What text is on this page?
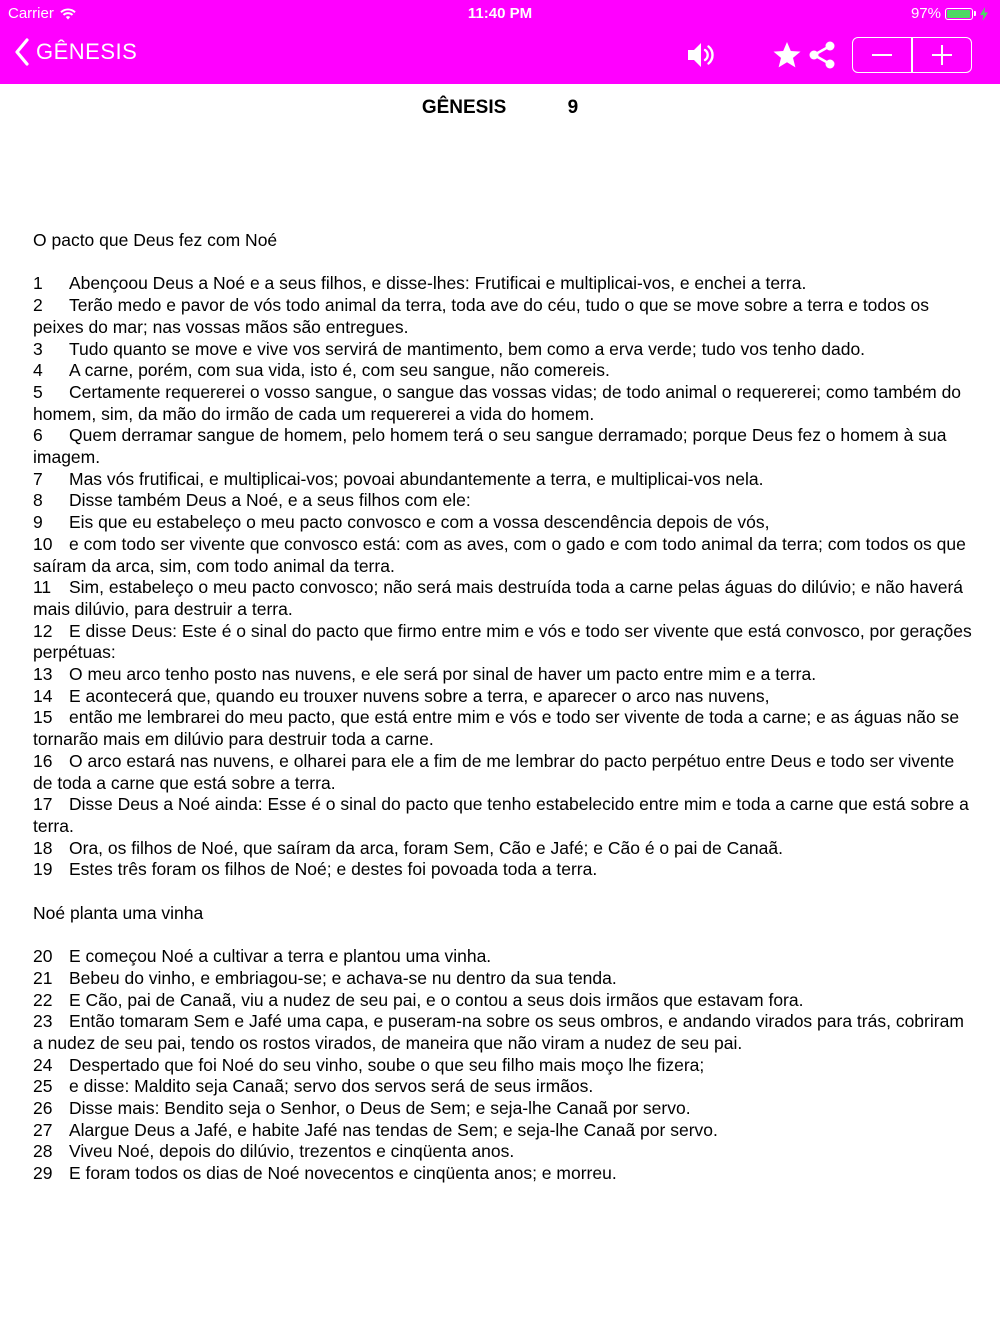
Carrier	11:40 PM	97%
GÊNESIS
GÊNESIS	9

O pacto que Deus fez com Noé

1 Abençoou Deus a Noé e a seus filhos, e disse-lhes: Frutificai e multiplicai-vos, e enchei a terra.

2 Terão medo e pavor de vós todo animal da terra, toda ave do céu, tudo o que se move sobre a terra e todos os peixes do mar; nas vossas mãos são entregues.

3 Tudo quanto se move e vive vos servirá de mantimento, bem como a erva verde; tudo vos tenho dado.

4 A carne, porém, com sua vida, isto é, com seu sangue, não comereis.

5 Certamente requererei o vosso sangue, o sangue das vossas vidas; de todo animal o requererei; como também do homem, sim, da mão do irmão de cada um requererei a vida do homem.

6 Quem derramar sangue de homem, pelo homem terá o seu sangue derramado; porque Deus fez o homem à sua imagem.

7 Mas vós frutificai, e multiplicai-vos; povoai abundantemente a terra, e multiplicai-vos nela.

8 Disse também Deus a Noé, e a seus filhos com ele:

9 Eis que eu estabeleço o meu pacto convosco e com a vossa descendência depois de vós,

10 e com todo ser vivente que convosco está: com as aves, com o gado e com todo animal da terra; com todos os que saíram da arca, sim, com todo animal da terra.

11 Sim, estabeleço o meu pacto convosco; não será mais destruída toda a carne pelas águas do dilúvio; e não haverá mais dilúvio, para destruir a terra.

12 E disse Deus: Este é o sinal do pacto que firmo entre mim e vós e todo ser vivente que está convosco, por gerações perpétuas:

13 O meu arco tenho posto nas nuvens, e ele será por sinal de haver um pacto entre mim e a terra.

14 E acontecerá que, quando eu trouxer nuvens sobre a terra, e aparecer o arco nas nuvens,

15 então me lembrarei do meu pacto, que está entre mim e vós e todo ser vivente de toda a carne; e as águas não se tornarão mais em dilúvio para destruir toda a carne.

16 O arco estará nas nuvens, e olharei para ele a fim de me lembrar do pacto perpétuo entre Deus e todo ser vivente de toda a carne que está sobre a terra.

17 Disse Deus a Noé ainda: Esse é o sinal do pacto que tenho estabelecido entre mim e toda a carne que está sobre a terra.

18 Ora, os filhos de Noé, que saíram da arca, foram Sem, Cão e Jafé; e Cão é o pai de Canaã.

19 Estes três foram os filhos de Noé; e destes foi povoada toda a terra.

Noé planta uma vinha

20 E começou Noé a cultivar a terra e plantou uma vinha.

21 Bebeu do vinho, e embriagou-se; e achava-se nu dentro da sua tenda.

22 E Cão, pai de Canaã, viu a nudez de seu pai, e o contou a seus dois irmãos que estavam fora.

23 Então tomaram Sem e Jafé uma capa, e puseram-na sobre os seus ombros, e andando virados para trás, cobriram a nudez de seu pai, tendo os rostos virados, de maneira que não viram a nudez de seu pai.

24 Despertado que foi Noé do seu vinho, soube o que seu filho mais moço lhe fizera;

25 e disse: Maldito seja Canaã; servo dos servos será de seus irmãos.

26 Disse mais: Bendito seja o Senhor, o Deus de Sem; e seja-lhe Canaã por servo.

27 Alargue Deus a Jafé, e habite Jafé nas tendas de Sem; e seja-lhe Canaã por servo.

28 Viveu Noé, depois do dilúvio, trezentos e cinqüenta anos.

29 E foram todos os dias de Noé novecentos e cinqüenta anos; e morreu.
